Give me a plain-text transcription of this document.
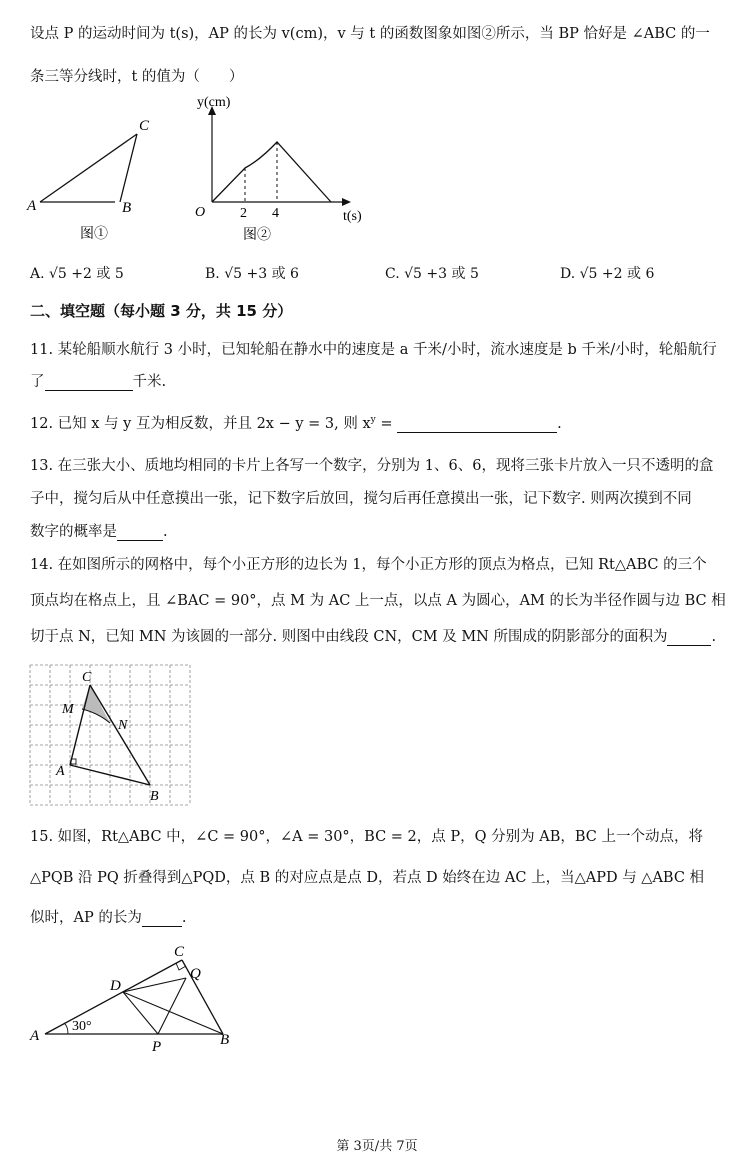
设点 P 的运动时间为 t(s)，AP 的长为 v(cm)，v 与 t 的函数图象如图②所示，当 BP 恰好是 ∠ABC 的一
条三等分线时，t 的值为（　　）
A	B
C
图①
y(cm)
O 2 4	t(s)
图②
A. √5 +2 或 5	B. √5 +3 或 6	C. √5 +3 或 5	D. √5 +2 或 6
二、填空题（每小题 3 分，共 15 分）
11. 某轮船顺水航行 3 小时，已知轮船在静水中的速度是 a 千米/小时，流水速度是 b 千米/小时，轮船航行
了	千米.
12. 已知 x 与 y 互为相反数，并且 2x − y = 3, 则 $x^y$ =	.
13. 在三张大小、质地均相同的卡片上各写一个数字，分别为 1、6、6，现将三张卡片放入一只不透明的盒
子中，搅匀后从中任意摸出一张，记下数字后放回，搅匀后再任意摸出一张，记下数字. 则两次摸到不同
数字的概率是	.
14. 在如图所示的网格中，每个小正方形的边长为 1，每个小正方形的顶点为格点，已知 Rt△ABC 的三个
顶点均在格点上，且 ∠BAC = 90°，点 M 为 AC 上一点，以点 A 为圆心，AM 的长为半径作圆与边 BC 相
切于点 N，已知 MN 为该圆的一部分. 则图中由线段 CN，CM 及 MN 所围成的阴影部分的面积为	.
C
M
N
A
B
15. 如图，Rt△ABC 中，∠C = 90°，∠A = 30°，BC = 2，点 P，Q 分别为 AB，BC 上一个动点，将
△PQB 沿 PQ 折叠得到△PQD，点 B 的对应点是点 D，若点 D 始终在边 AC 上，当△APD 与 △ABC 相
似时，AP 的长为	.
A
30°
D
C
Q
P	B
第 3页/共 7页
